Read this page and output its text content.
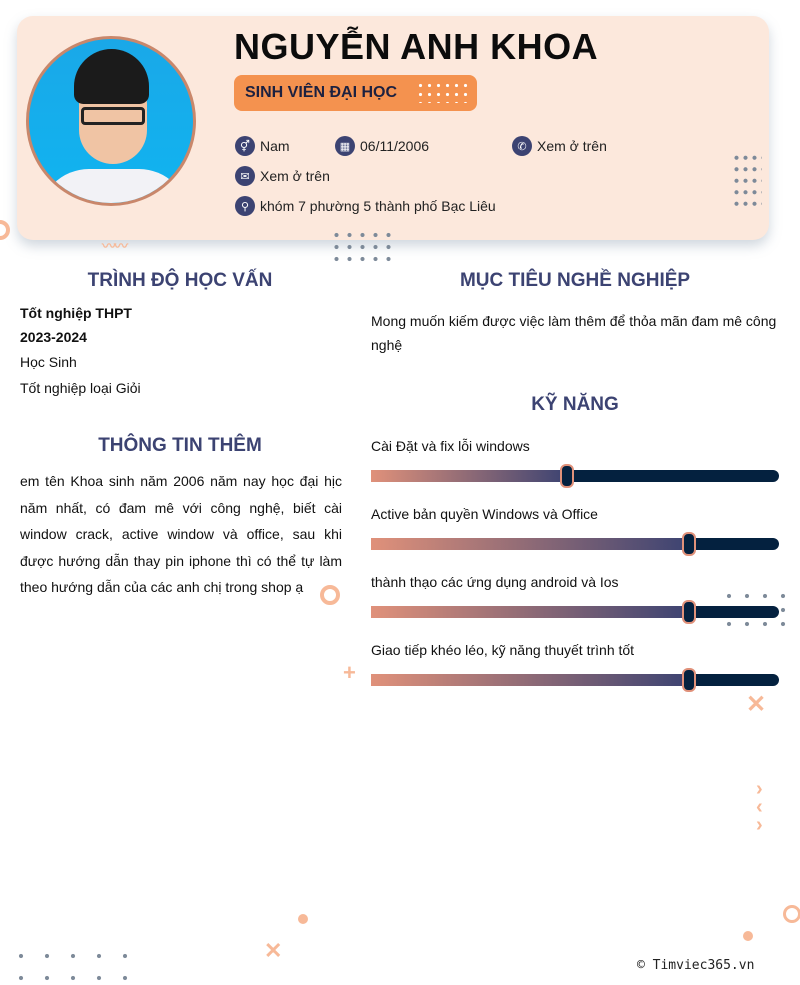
NGUYỄN ANH KHOA
SINH VIÊN ĐẠI HỌC
⚥ Nam	▦ 06/11/2006	✆ Xem ở trên
✉ Xem ở trên
⚲ khóm 7 phường 5 thành phố Bạc Liêu
〰〰
+
✕
›
‹
›
✕
TRÌNH ĐỘ HỌC VẤN
Tốt nghiệp THPT
2023-2024
Học Sinh
Tốt nghiệp loại Giỏi
THÔNG TIN THÊM
em tên Khoa sinh năm 2006 năm nay học đại hịc năm nhất, có đam mê với công nghệ, biết cài window crack, active window và office, sau khi được hướng dẫn thay pin iphone thì có thể tự làm theo hướng dẫn của các anh chị trong shop ạ
MỤC TIÊU NGHỀ NGHIỆP
Mong muốn kiếm được việc làm thêm để thỏa mãn đam mê công nghệ
KỸ NĂNG
Cài Đặt và fix lỗi windows
Active bản quyền Windows và Office
thành thạo các ứng dụng android và Ios
Giao tiếp khéo léo, kỹ năng thuyết trình tốt
© Timviec365.vn
